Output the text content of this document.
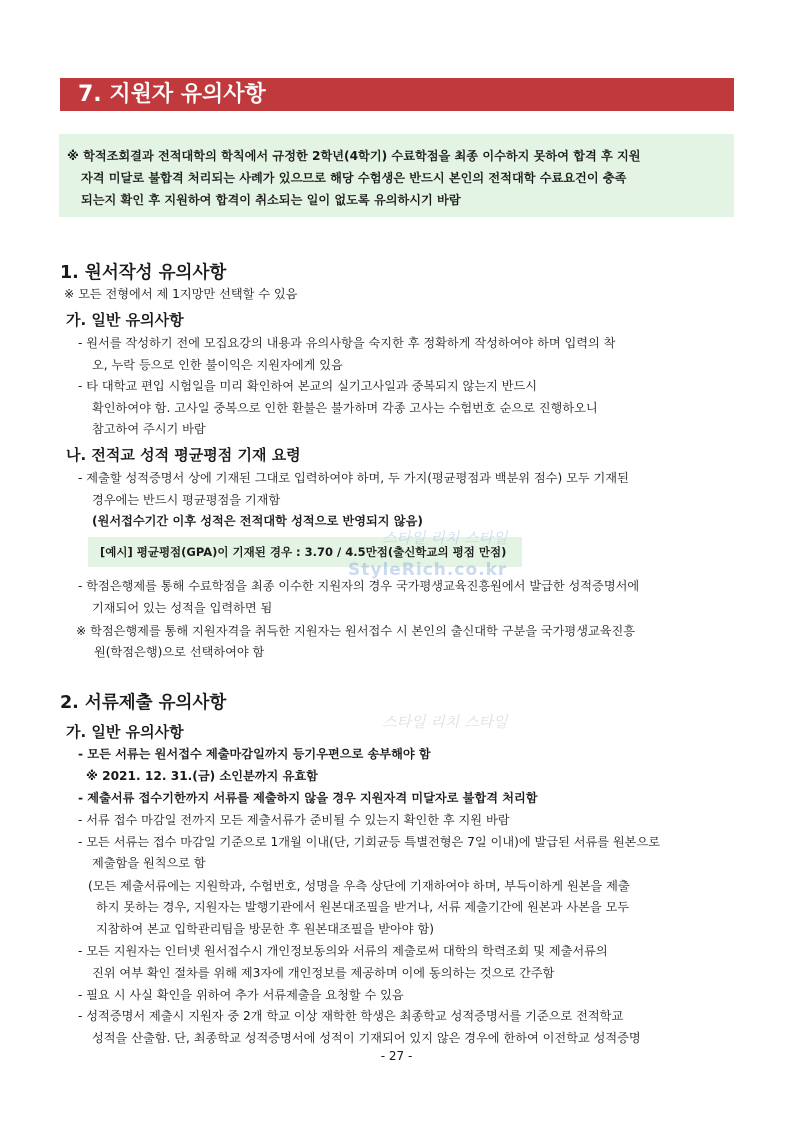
7. 지원자 유의사항
※ 학적조회결과 전적대학의 학칙에서 규정한 2학년(4학기) 수료학점을 최종 이수하지 못하여 합격 후 지원
자격 미달로 불합격 처리되는 사례가 있으므로 해당 수험생은 반드시 본인의 전적대학 수료요건이 충족
되는지 확인 후 지원하여 합격이 취소되는 일이 없도록 유의하시기 바람
1. 원서작성 유의사항
※ 모든 전형에서 제 1지망만 선택할 수 있음
가. 일반 유의사항
- 원서를 작성하기 전에 모집요강의 내용과 유의사항을 숙지한 후 정확하게 작성하여야 하며 입력의 착
오, 누락 등으로 인한 불이익은 지원자에게 있음
- 타 대학교 편입 시험일을 미리 확인하여 본교의 실기고사일과 중복되지 않는지 반드시
확인하여야 함. 고사일 중복으로 인한 환불은 불가하며 각종 고사는 수험번호 순으로 진행하오니
참고하여 주시기 바람
나. 전적교 성적 평균평점 기재 요령
- 제출할 성적증명서 상에 기재된 그대로 입력하여야 하며, 두 가지(평균평점과 백분위 점수) 모두 기재된
경우에는 반드시 평균평점을 기재함
(원서접수기간 이후 성적은 전적대학 성적으로 반영되지 않음)
[예시] 평균평점(GPA)이 기재된 경우 : 3.70 / 4.5만점(출신학교의 평점 만점)
스타일 리치 스타일
StyleRich.co.kr
- 학점은행제를 통해 수료학점을 최종 이수한 지원자의 경우 국가평생교육진흥원에서 발급한 성적증명서에
기재되어 있는 성적을 입력하면 됨
※ 학점은행제를 통해 지원자격을 취득한 지원자는 원서접수 시 본인의 출신대학 구분을 국가평생교육진흥
원(학점은행)으로 선택하여야 함
2. 서류제출 유의사항
스타일 리치 스타일
가. 일반 유의사항
- 모든 서류는 원서접수 제출마감일까지 등기우편으로 송부해야 함
※ 2021. 12. 31.(금) 소인분까지 유효함
- 제출서류 접수기한까지 서류를 제출하지 않을 경우 지원자격 미달자로 불합격 처리함
- 서류 접수 마감일 전까지 모든 제출서류가 준비될 수 있는지 확인한 후 지원 바람
- 모든 서류는 접수 마감일 기준으로 1개월 이내(단, 기회균등 특별전형은 7일 이내)에 발급된 서류를 원본으로
제출함을 원칙으로 함
(모든 제출서류에는 지원학과, 수험번호, 성명을 우측 상단에 기재하여야 하며, 부득이하게 원본을 제출
하지 못하는 경우, 지원자는 발행기관에서 원본대조필을 받거나, 서류 제출기간에 원본과 사본을 모두
지참하여 본교 입학관리팀을 방문한 후 원본대조필을 받아야 함)
- 모든 지원자는 인터넷 원서접수시 개인정보동의와 서류의 제출로써 대학의 학력조회 및 제출서류의
진위 여부 확인 절차를 위해 제3자에 개인정보를 제공하며 이에 동의하는 것으로 간주함
- 필요 시 사실 확인을 위하여 추가 서류제출을 요청할 수 있음
- 성적증명서 제출시 지원자 중 2개 학교 이상 재학한 학생은 최종학교 성적증명서를 기준으로 전적학교
성적을 산출함. 단, 최종학교 성적증명서에 성적이 기재되어 있지 않은 경우에 한하여 이전학교 성적증명
- 27 -
